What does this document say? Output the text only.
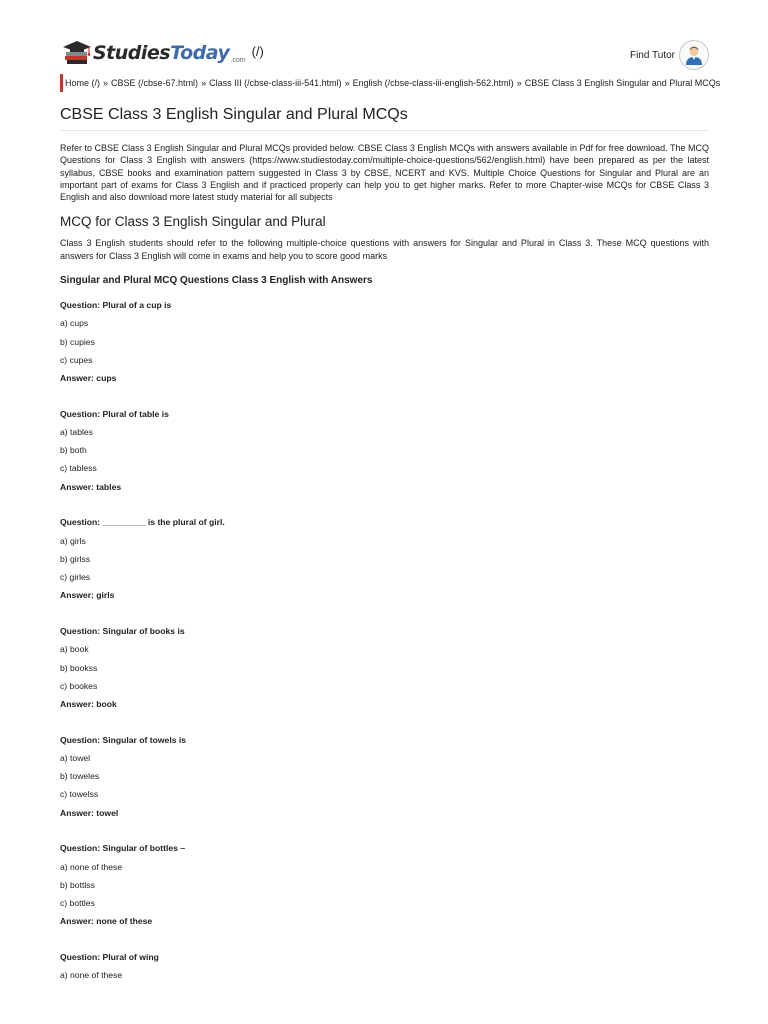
StudiesToday .com
(/)	Find Tutor
Home (/) » CBSE (/cbse-67.html) » Class III (/cbse-class-iii-541.html) » English (/cbse-class-iii-english-562.html) » CBSE Class 3 English Singular and Plural MCQs
CBSE Class 3 English Singular and Plural MCQs

Refer to CBSE Class 3 English Singular and Plural MCQs provided below. CBSE Class 3 English MCQs with answers available in Pdf for free download. The MCQ Questions for Class 3 English with answers (https://www.studiestoday.com/multiple-choice-questions/562/english.html) have been prepared as per the latest syllabus, CBSE books and examination pattern suggested in Class 3 by CBSE, NCERT and KVS. Multiple Choice Questions for Singular and Plural are an important part of exams for Class 3 English and if practiced properly can help you to get higher marks. Refer to more Chapter-wise MCQs for CBSE Class 3 English and also download more latest study material for all subjects

MCQ for Class 3 English Singular and Plural

Class 3 English students should refer to the following multiple-choice questions with answers for Singular and Plural in Class 3. These MCQ questions with answers for Class 3 English will come in exams and help you to score good marks

Singular and Plural MCQ Questions Class 3 English with Answers
Question: Plural of a cup is
a) cups
b) cupies
c) cupes
Answer: cups
Question: Plural of table is
a) tables
b) both
c) tabless
Answer: tables
Question: _________ is the plural of girl.
a) girls
b) girlss
c) girles
Answer: girls
Question: Singular of books is
a) book
b) bookss
c) bookes
Answer: book
Question: Singular of towels is
a) towel
b) toweles
c) towelss
Answer: towel
Question: Singular of bottles –
a) none of these
b) bottlss
c) bottles
Answer: none of these
Question: Plural of wing
a) none of these
